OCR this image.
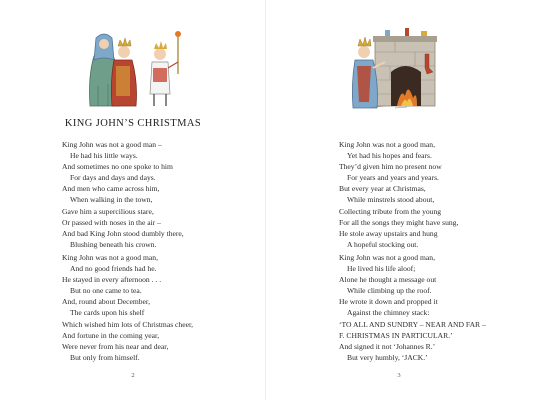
KING JOHN’S CHRISTMAS
King John was not a good man –
He had his little ways.
And sometimes no one spoke to him
For days and days and days.
And men who came across him,
When walking in the town,
Gave him a supercilious stare,
Or passed with noses in the air –
And bad King John stood dumbly there,
Blushing beneath his crown.
King John was not a good man,
And no good friends had he.
He stayed in every afternoon . . .
But no one came to tea.
And, round about December,
The cards upon his shelf
Which wished him lots of Christmas cheer,
And fortune in the coming year,
Were never from his near and dear,
But only from himself.
2
King John was not a good man,
Yet had his hopes and fears.
They’d given him no present now
For years and years and years.
But every year at Christmas,
While minstrels stood about,
Collecting tribute from the young
For all the songs they might have sung,
He stole away upstairs and hung
A hopeful stocking out.
King John was not a good man,
He lived his life aloof;
Alone he thought a message out
While climbing up the roof.
He wrote it down and propped it
Against the chimney stack:
‘TO ALL AND SUNDRY – NEAR AND FAR –
F. CHRISTMAS IN PARTICULAR.’
And signed it not ‘Johannes R.’
But very humbly, ‘JACK.’
3
